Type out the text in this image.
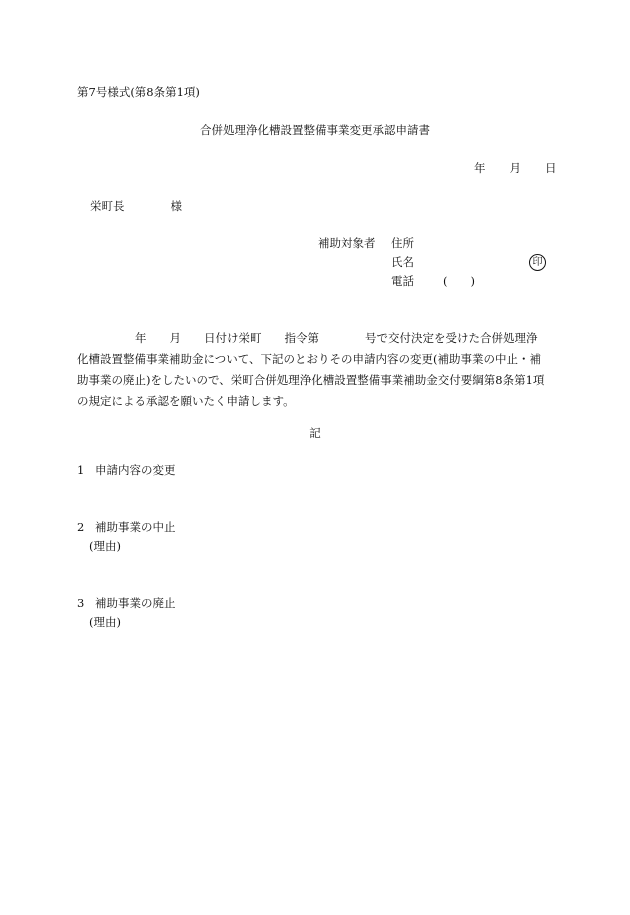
第7号様式(第8条第1項)
合併処理浄化槽設置整備事業変更承認申請書
年 月 日
栄町長	様
補助対象者 住所
氏名	印
電話	(　　)
年　　月　　日付け栄町　　指令第　　　　号で交付決定を受けた合併処理浄
化槽設置整備事業補助金について、下記のとおりその申請内容の変更(補助事業の中止・補
助事業の廃止)をしたいので、栄町合併処理浄化槽設置整備事業補助金交付要綱第8条第1項
の規定による承認を願いたく申請します。
記
1 申請内容の変更
2 補助事業の中止
(理由)
3 補助事業の廃止
(理由)
